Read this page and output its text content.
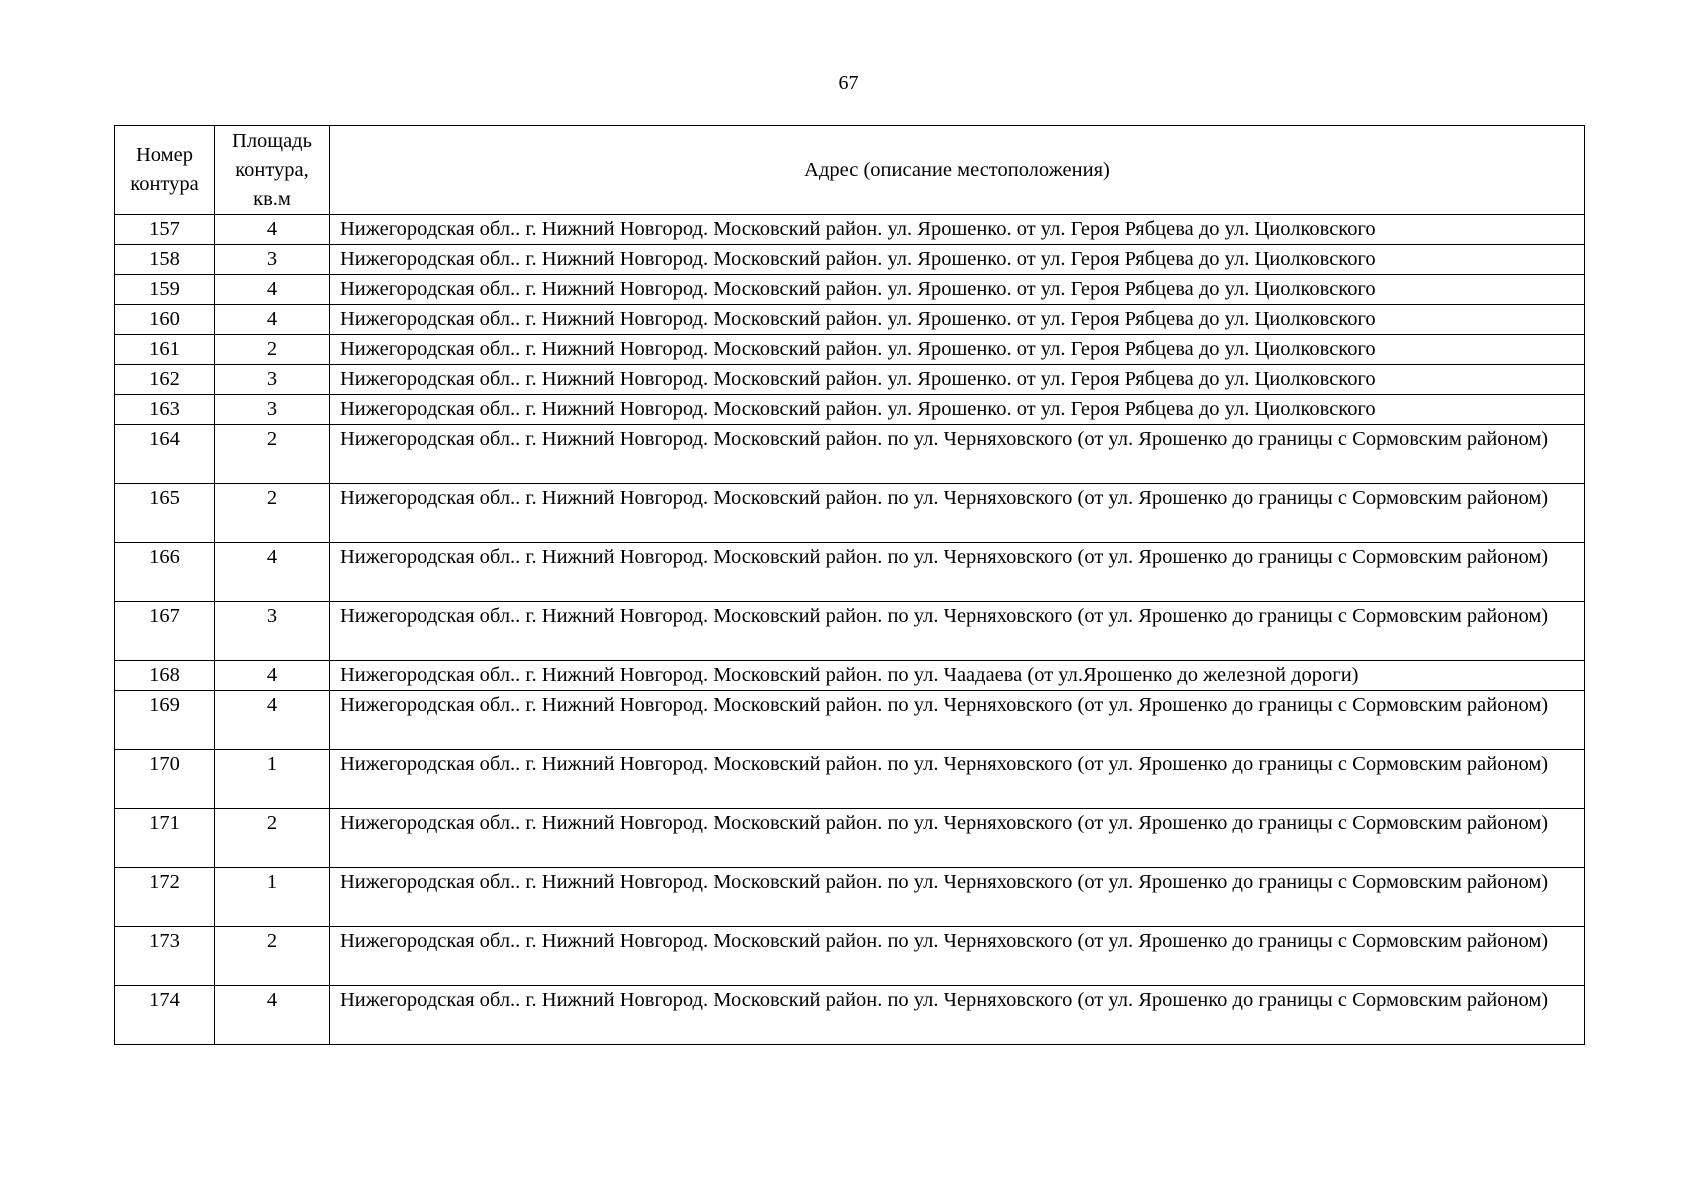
67
Номер контура	Площадь контура, кв.м	Адрес (описание местоположения)
157	4	Нижегородская обл.. г. Нижний Новгород. Московский район. ул. Ярошенко. от ул. Героя Рябцева до ул. Циолковского
158	3	Нижегородская обл.. г. Нижний Новгород. Московский район. ул. Ярошенко. от ул. Героя Рябцева до ул. Циолковского
159	4	Нижегородская обл.. г. Нижний Новгород. Московский район. ул. Ярошенко. от ул. Героя Рябцева до ул. Циолковского
160	4	Нижегородская обл.. г. Нижний Новгород. Московский район. ул. Ярошенко. от ул. Героя Рябцева до ул. Циолковского
161	2	Нижегородская обл.. г. Нижний Новгород. Московский район. ул. Ярошенко. от ул. Героя Рябцева до ул. Циолковского
162	3	Нижегородская обл.. г. Нижний Новгород. Московский район. ул. Ярошенко. от ул. Героя Рябцева до ул. Циолковского
163	3	Нижегородская обл.. г. Нижний Новгород. Московский район. ул. Ярошенко. от ул. Героя Рябцева до ул. Циолковского
164	2	Нижегородская обл.. г. Нижний Новгород. Московский район. по ул. Черняховского (от ул. Ярошенко до границы с Сормовским районом)
165	2	Нижегородская обл.. г. Нижний Новгород. Московский район. по ул. Черняховского (от ул. Ярошенко до границы с Сормовским районом)
166	4	Нижегородская обл.. г. Нижний Новгород. Московский район. по ул. Черняховского (от ул. Ярошенко до границы с Сормовским районом)
167	3	Нижегородская обл.. г. Нижний Новгород. Московский район. по ул. Черняховского (от ул. Ярошенко до границы с Сормовским районом)
168	4	Нижегородская обл.. г. Нижний Новгород. Московский район. по ул. Чаадаева (от ул.Ярошенко до железной дороги)
169	4	Нижегородская обл.. г. Нижний Новгород. Московский район. по ул. Черняховского (от ул. Ярошенко до границы с Сормовским районом)
170	1	Нижегородская обл.. г. Нижний Новгород. Московский район. по ул. Черняховского (от ул. Ярошенко до границы с Сормовским районом)
171	2	Нижегородская обл.. г. Нижний Новгород. Московский район. по ул. Черняховского (от ул. Ярошенко до границы с Сормовским районом)
172	1	Нижегородская обл.. г. Нижний Новгород. Московский район. по ул. Черняховского (от ул. Ярошенко до границы с Сормовским районом)
173	2	Нижегородская обл.. г. Нижний Новгород. Московский район. по ул. Черняховского (от ул. Ярошенко до границы с Сормовским районом)
174	4	Нижегородская обл.. г. Нижний Новгород. Московский район. по ул. Черняховского (от ул. Ярошенко до границы с Сормовским районом)
